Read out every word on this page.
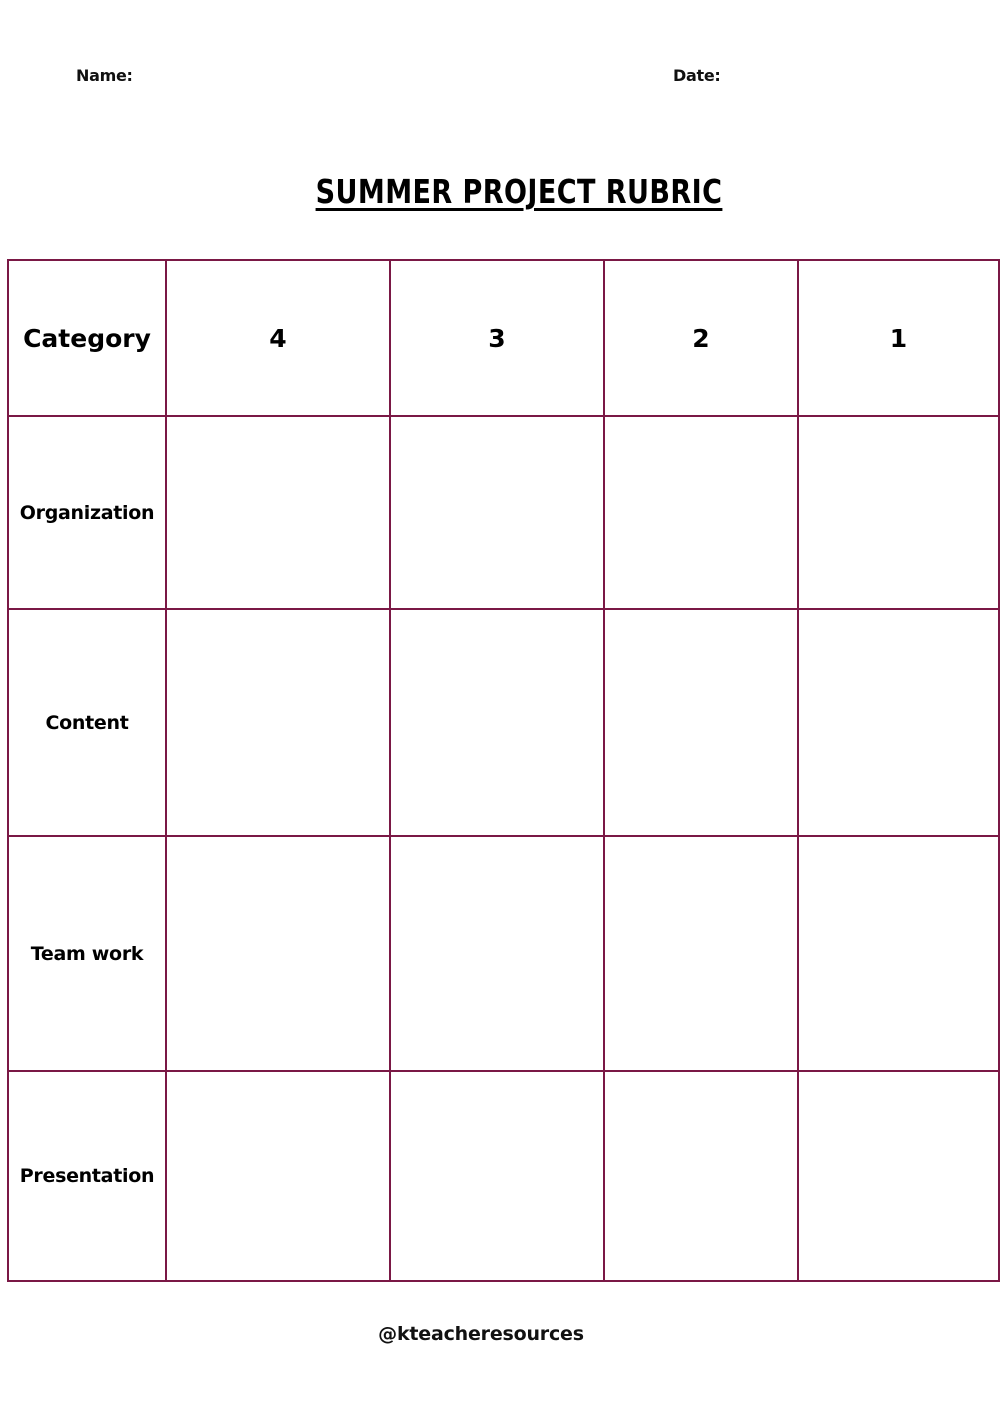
Name:	Date:
SUMMER PROJECT RUBRIC
Category	4	3	2	1
Organization				
Content				
Team work				
Presentation				
@kteacheresources
